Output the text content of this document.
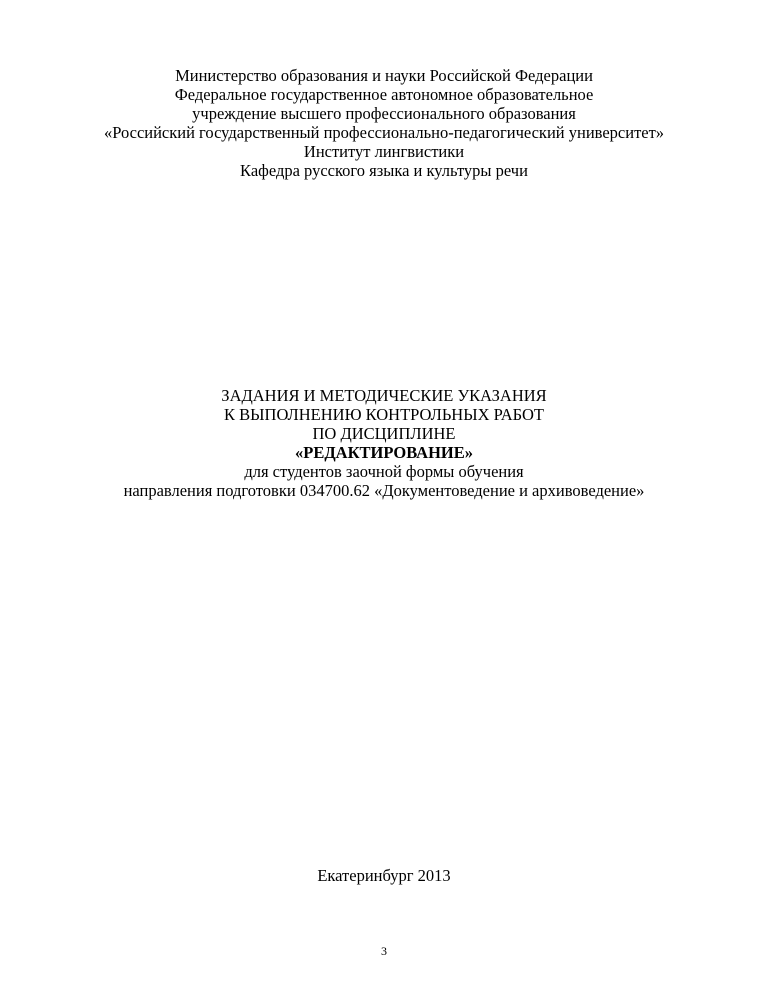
Министерство образования и науки Российской Федерации
Федеральное государственное автономное образовательное
учреждение высшего профессионального образования
«Российский государственный профессионально-педагогический университет»
Институт лингвистики
Кафедра русского языка и культуры речи
ЗАДАНИЯ И МЕТОДИЧЕСКИЕ УКАЗАНИЯ
К ВЫПОЛНЕНИЮ КОНТРОЛЬНЫХ РАБОТ
ПО ДИСЦИПЛИНЕ
«РЕДАКТИРОВАНИЕ»
для студентов заочной формы обучения
направления подготовки 034700.62 «Документоведение и архивоведение»
Екатеринбург 2013
3
